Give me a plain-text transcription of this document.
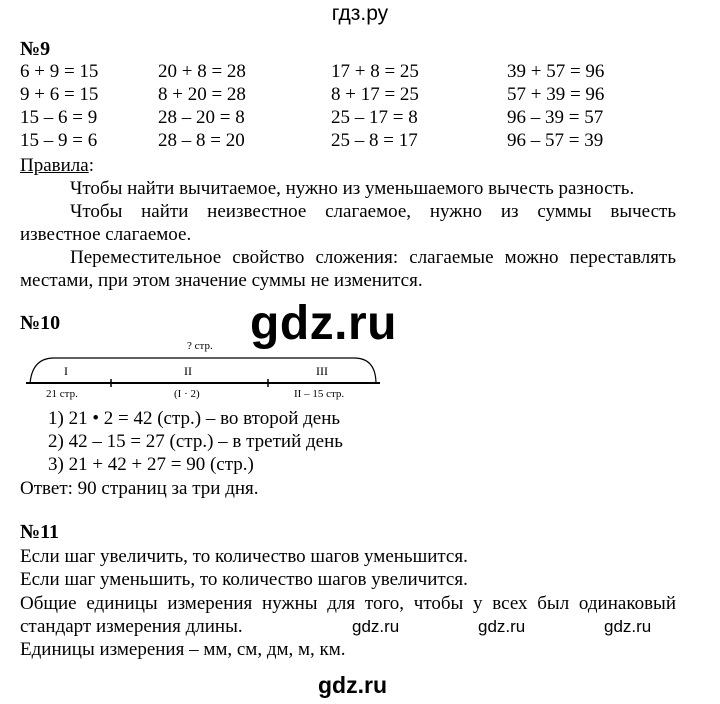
гдз.ру
№9
6 + 9 = 15	20 + 8 = 28	17 + 8 = 25	39 + 57 = 96
9 + 6 = 15	8 + 20 = 28	8 + 17 = 25	57 + 39 = 96
15 – 6 = 9	28 – 20 = 8	25 – 17 = 8	96 – 39 = 57
15 – 9 = 6	28 – 8 = 20	25 – 8 = 17	96 – 57 = 39
Правила:
Чтобы найти вычитаемое, нужно из уменьшаемого вычесть разность.
Чтобы найти неизвестное слагаемое, нужно из суммы вычесть
известное слагаемое.
Переместительное свойство сложения: слагаемые можно переставлять
местами, при этом значение суммы не изменится.
gdz.ru
№10
? стр.
I	II	III
21 стр.	(I · 2)	II – 15 стр.
1) 21 • 2 = 42 (стр.) – во второй день
2) 42 – 15 = 27 (стр.) – в третий день
3) 21 + 42 + 27 = 90 (стр.)
Ответ: 90 страниц за три дня.
№11
Если шаг увеличить, то количество шагов уменьшится.
Если шаг уменьшить, то количество шагов увеличится.
Общие единицы измерения нужны для того, чтобы у всех был одинаковый
стандарт измерения длины.
Единицы измерения – мм, см, дм, м, км.
gdz.ru	gdz.ru	gdz.ru
gdz.ru
